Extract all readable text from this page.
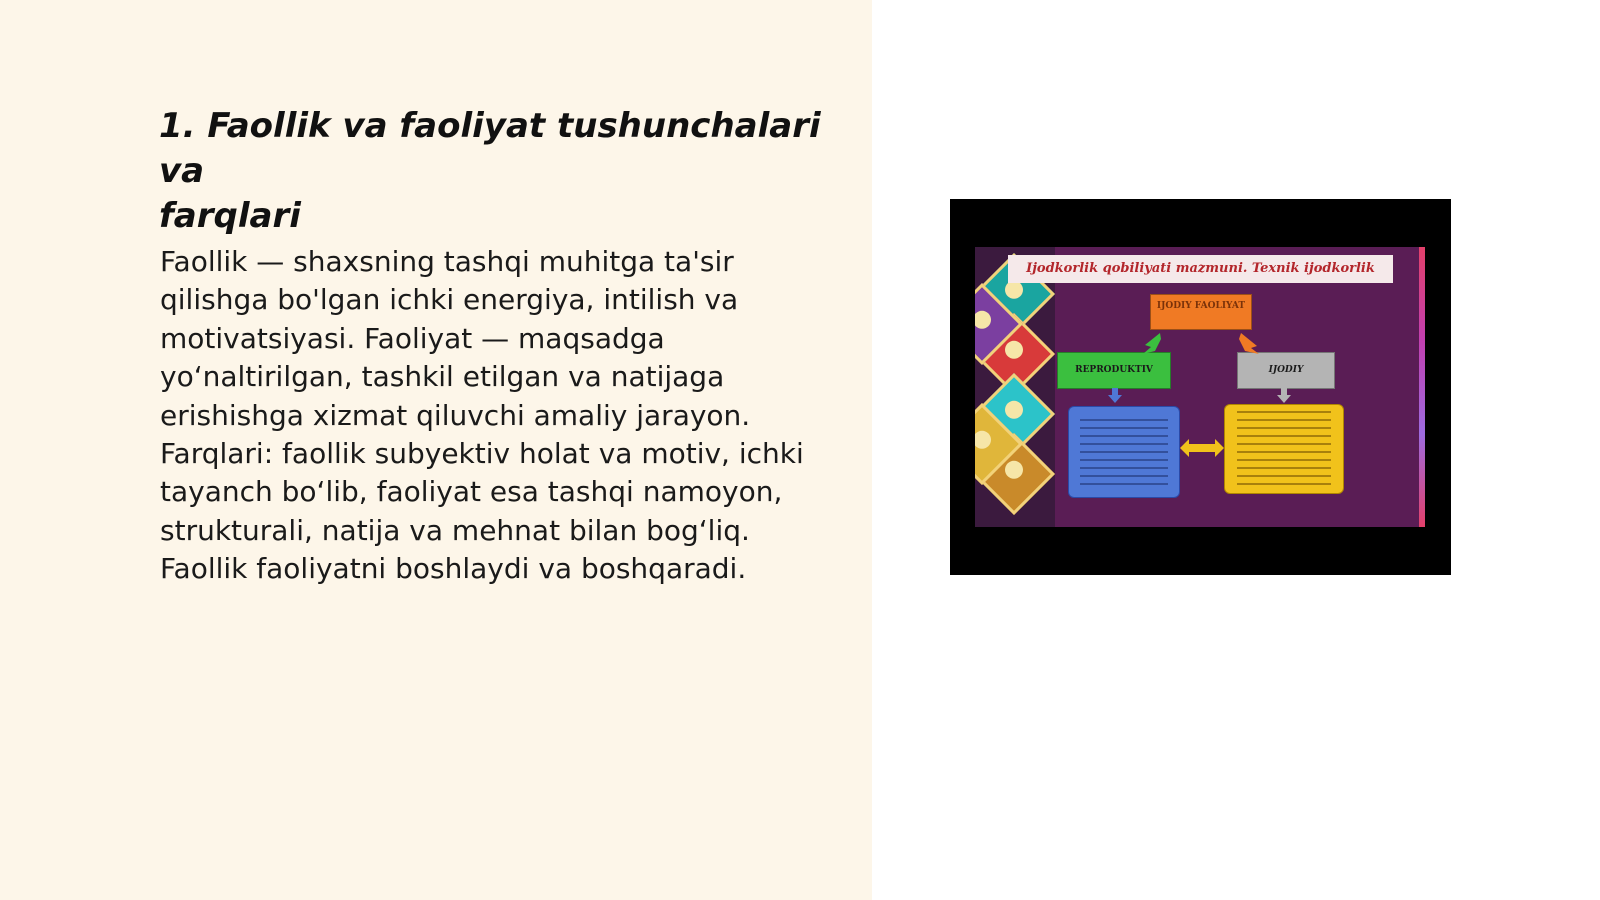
1. Faollik va faoliyat tushunchalari va
farqlari
Faollik — shaxsning tashqi muhitga ta'sir
qilishga bo'lgan ichki energiya, intilish va
motivatsiyasi. Faoliyat — maqsadga
yo‘naltirilgan, tashkil etilgan va natijaga
erishishga xizmat qiluvchi amaliy jarayon.
Farqlari: faollik subyektiv holat va motiv, ichki
tayanch bo‘lib, faoliyat esa tashqi namoyon,
strukturali, natija va mehnat bilan bog‘liq.
Faollik faoliyatni boshlaydi va boshqaradi.
Ijodkorlik qobiliyati mazmuni. Texnik ijodkorlik
IJODIY FAOLIYAT
REPRODUKTIV	IJODIY
